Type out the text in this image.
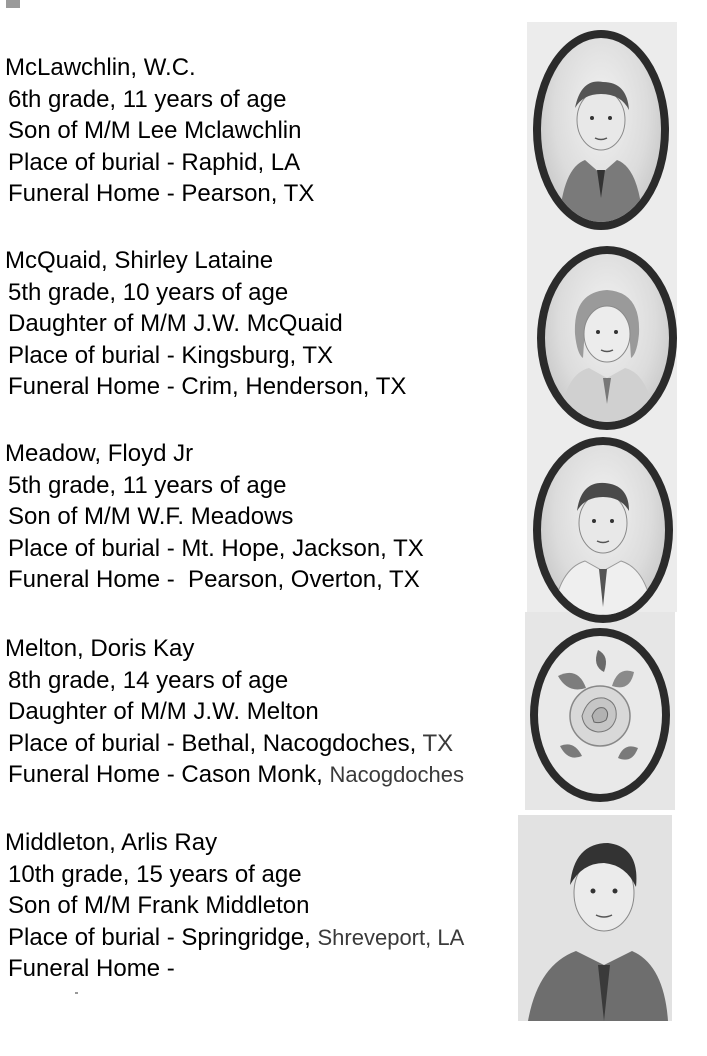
McLawchlin, W.C.
6th grade, 11 years of age
Son of M/M Lee Mclawchlin
Place of burial - Raphid, LA
Funeral Home - Pearson, TX
McQuaid, Shirley Lataine
5th grade, 10 years of age
Daughter of M/M J.W. McQuaid
Place of burial - Kingsburg, TX
Funeral Home - Crim, Henderson, TX
Meadow, Floyd Jr
5th grade, 11 years of age
Son of M/M W.F. Meadows
Place of burial - Mt. Hope, Jackson, TX
Funeral Home -  Pearson, Overton, TX
Melton, Doris Kay
8th grade, 14 years of age
Daughter of M/M J.W. Melton
Place of burial - Bethal, Nacogdoches, TX
Funeral Home - Cason Monk, Nacogdoches
Middleton, Arlis Ray
10th grade, 15 years of age
Son of M/M Frank Middleton
Place of burial - Springridge, Shreveport, LA
Funeral Home -
